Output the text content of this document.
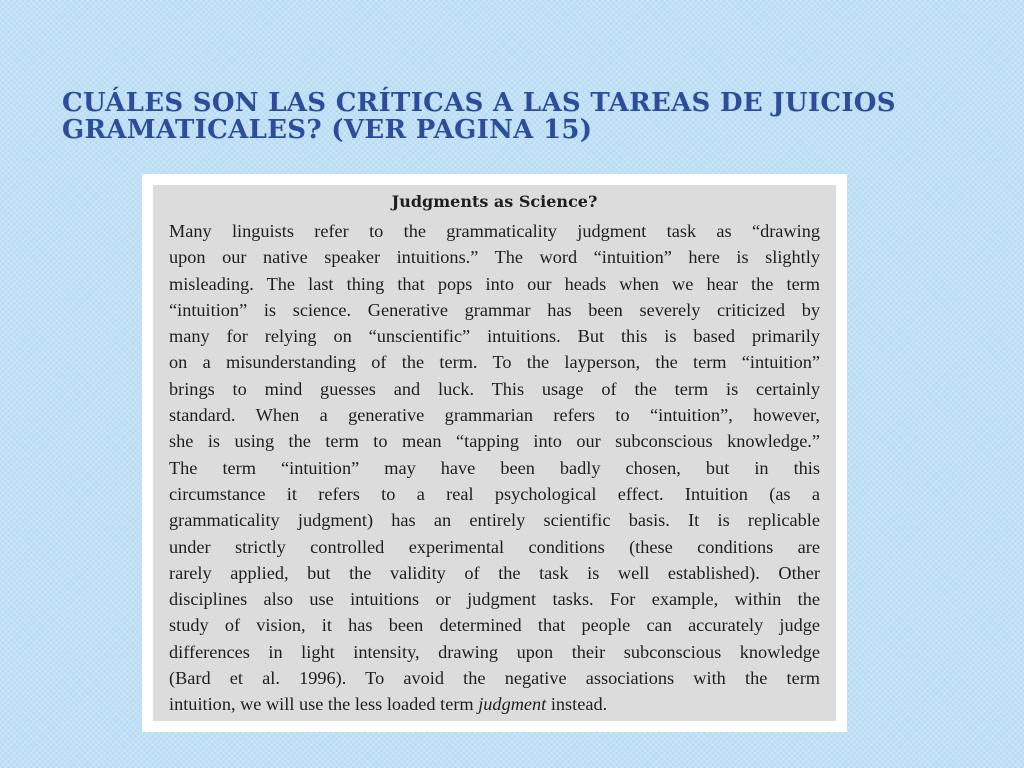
CUÁLES SON LAS CRÍTICAS A LAS TAREAS DE JUICIOS GRAMATICALES? (VER PAGINA 15)
Judgments as Science?
Many linguists refer to the grammaticality judgment task as “drawing
upon our native speaker intuitions.” The word “intuition” here is slightly
misleading. The last thing that pops into our heads when we hear the term
“intuition” is science. Generative grammar has been severely criticized by
many for relying on “unscientific” intuitions. But this is based primarily
on a misunderstanding of the term. To the layperson, the term “intuition”
brings to mind guesses and luck. This usage of the term is certainly
standard. When a generative grammarian refers to “intuition”, however,
she is using the term to mean “tapping into our subconscious knowledge.”
The term “intuition” may have been badly chosen, but in this
circumstance it refers to a real psychological effect. Intuition (as a
grammaticality judgment) has an entirely scientific basis. It is replicable
under strictly controlled experimental conditions (these conditions are
rarely applied, but the validity of the task is well established). Other
disciplines also use intuitions or judgment tasks. For example, within the
study of vision, it has been determined that people can accurately judge
differences in light intensity, drawing upon their subconscious knowledge
(Bard et al. 1996). To avoid the negative associations with the term
intuition, we will use the less loaded term judgment instead.
